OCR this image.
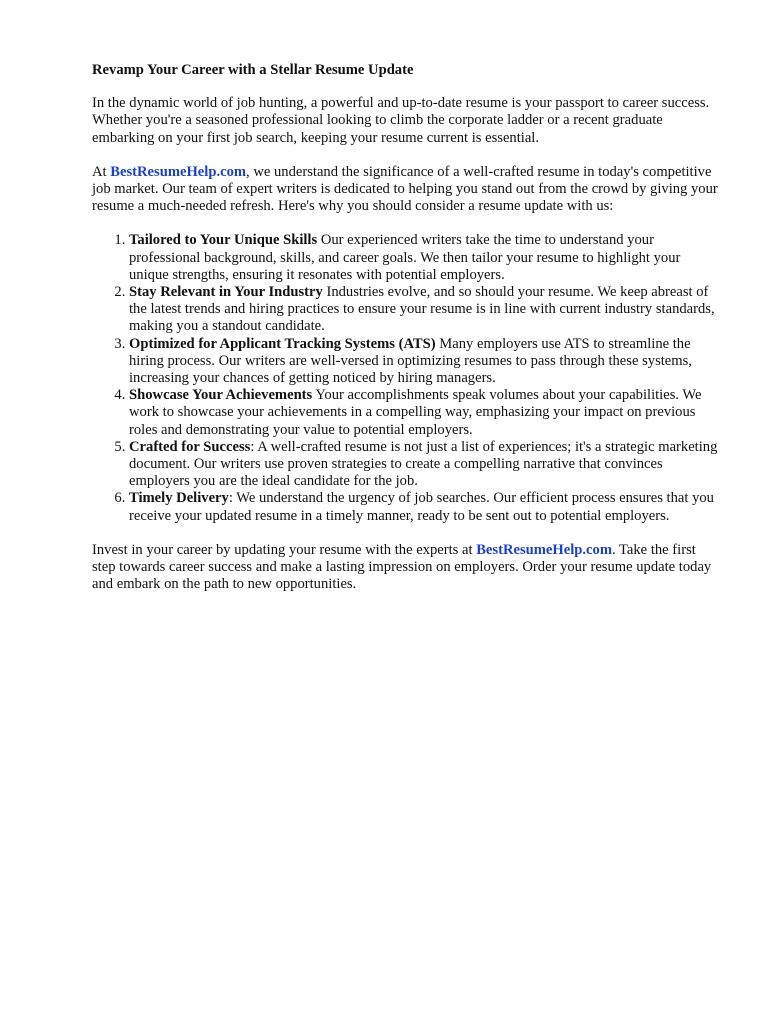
Revamp Your Career with a Stellar Resume Update

In the dynamic world of job hunting, a powerful and up-to-date resume is your passport to career success. Whether you're a seasoned professional looking to climb the corporate ladder or a recent graduate embarking on your first job search, keeping your resume current is essential.

At BestResumeHelp.com, we understand the significance of a well-crafted resume in today's competitive job market. Our team of expert writers is dedicated to helping you stand out from the crowd by giving your resume a much-needed refresh. Here's why you should consider a resume update with us:

1. Tailored to Your Unique Skills Our experienced writers take the time to understand your professional background, skills, and career goals. We then tailor your resume to highlight your unique strengths, ensuring it resonates with potential employers.
2. Stay Relevant in Your Industry Industries evolve, and so should your resume. We keep abreast of the latest trends and hiring practices to ensure your resume is in line with current industry standards, making you a standout candidate.
3. Optimized for Applicant Tracking Systems (ATS) Many employers use ATS to streamline the hiring process. Our writers are well-versed in optimizing resumes to pass through these systems, increasing your chances of getting noticed by hiring managers.
4. Showcase Your Achievements Your accomplishments speak volumes about your capabilities. We work to showcase your achievements in a compelling way, emphasizing your impact on previous roles and demonstrating your value to potential employers.
5. Crafted for Success: A well-crafted resume is not just a list of experiences; it's a strategic marketing document. Our writers use proven strategies to create a compelling narrative that convinces employers you are the ideal candidate for the job.
6. Timely Delivery: We understand the urgency of job searches. Our efficient process ensures that you receive your updated resume in a timely manner, ready to be sent out to potential employers.

Invest in your career by updating your resume with the experts at BestResumeHelp.com. Take the first step towards career success and make a lasting impression on employers. Order your resume update today and embark on the path to new opportunities.
